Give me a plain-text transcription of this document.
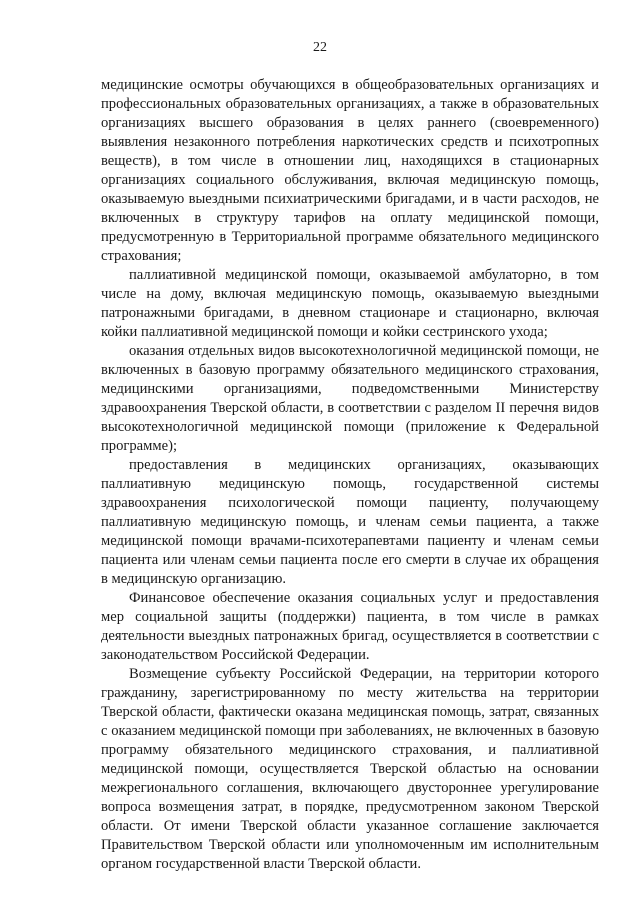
22

медицинские осмотры обучающихся в общеобразовательных организациях и профессиональных образовательных организациях, а также в образовательных организациях высшего образования в целях раннего (своевременного) выявления незаконного потребления наркотических средств и психотропных веществ), в том числе в отношении лиц, находящихся в стационарных организациях социального обслуживания, включая медицинскую помощь, оказываемую выездными психиатрическими бригадами, и в части расходов, не включенных в структуру тарифов на оплату медицинской помощи, предусмотренную в Территориальной программе обязательного медицинского страхования;

паллиативной медицинской помощи, оказываемой амбулаторно, в том числе на дому, включая медицинскую помощь, оказываемую выездными патронажными бригадами, в дневном стационаре и стационарно, включая койки паллиативной медицинской помощи и койки сестринского ухода;

оказания отдельных видов высокотехнологичной медицинской помощи, не включенных в базовую программу обязательного медицинского страхования, медицинскими организациями, подведомственными Министерству здравоохранения Тверской области, в соответствии с разделом II перечня видов высокотехнологичной медицинской помощи (приложение к Федеральной программе);

предоставления в медицинских организациях, оказывающих паллиативную медицинскую помощь, государственной системы здравоохранения психологической помощи пациенту, получающему паллиативную медицинскую помощь, и членам семьи пациента, а также медицинской помощи врачами-психотерапевтами пациенту и членам семьи пациента или членам семьи пациента после его смерти в случае их обращения в медицинскую организацию.

Финансовое обеспечение оказания социальных услуг и предоставления мер социальной защиты (поддержки) пациента, в том числе в рамках деятельности выездных патронажных бригад, осуществляется в соответствии с законодательством Российской Федерации.

Возмещение субъекту Российской Федерации, на территории которого гражданину, зарегистрированному по месту жительства на территории Тверской области, фактически оказана медицинская помощь, затрат, связанных с оказанием медицинской помощи при заболеваниях, не включенных в базовую программу обязательного медицинского страхования, и паллиативной медицинской помощи, осуществляется Тверской областью на основании межрегионального соглашения, включающего двустороннее урегулирование вопроса возмещения затрат, в порядке, предусмотренном законом Тверской области. От имени Тверской области указанное соглашение заключается Правительством Тверской области или уполномоченным им исполнительным органом государственной власти Тверской области.
